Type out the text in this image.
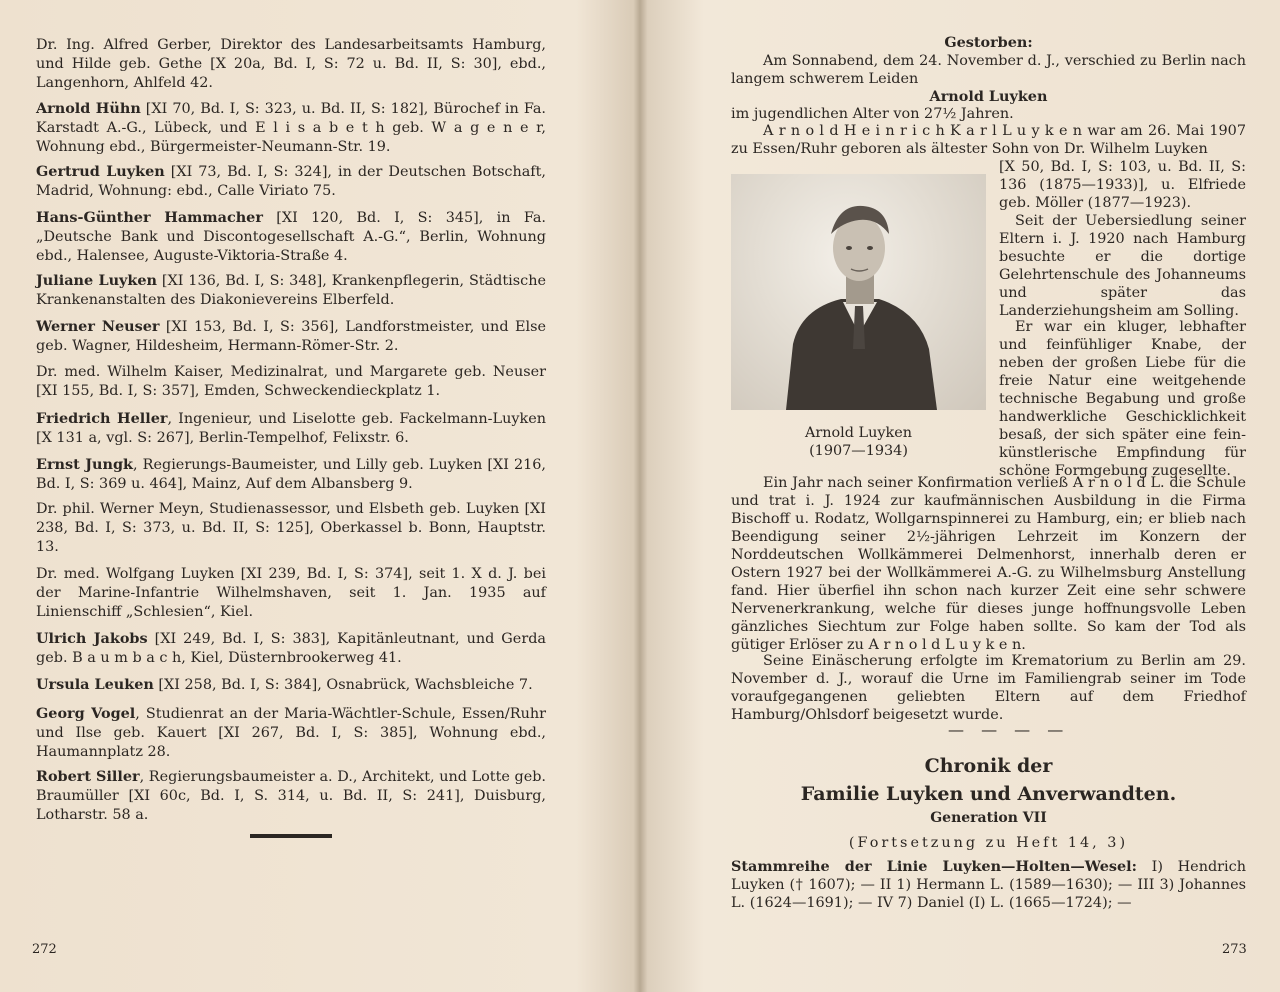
Dr. Ing. Alfred Gerber, Direktor des Landesarbeitsamts Hamburg, und Hilde geb. Gethe [X 20a, Bd. I, S: 72 u. Bd. II, S: 30], ebd., Langenhorn, Ahlfeld 42.
Arnold Hühn [XI 70, Bd. I, S: 323, u. Bd. II, S: 182], Bürochef in Fa. Karstadt A.-G., Lübeck, und E l i s a b e t h geb. W a g e n e r, Wohnung ebd., Bürgermeister-Neumann-Str. 19.
Gertrud Luyken [XI 73, Bd. I, S: 324], in der Deutschen Botschaft, Madrid, Wohnung: ebd., Calle Viriato 75.
Hans-Günther Hammacher [XI 120, Bd. I, S: 345], in Fa. „Deutsche Bank und Discontogesellschaft A.-G.“, Berlin, Wohnung ebd., Halensee, Auguste-Viktoria-Straße 4.
Juliane Luyken [XI 136, Bd. I, S: 348], Krankenpflegerin, Städtische Krankenanstalten des Diakonievereins Elberfeld.
Werner Neuser [XI 153, Bd. I, S: 356], Landforstmeister, und Else geb. Wagner, Hildesheim, Hermann-Römer-Str. 2.
Dr. med. Wilhelm Kaiser, Medizinalrat, und Margarete geb. Neuser [XI 155, Bd. I, S: 357], Emden, Schweckendieckplatz 1.
Friedrich Heller, Ingenieur, und Liselotte geb. Fackelmann-Luyken [X 131 a, vgl. S: 267], Berlin-Tempelhof, Felixstr. 6.
Ernst Jungk, Regierungs-Baumeister, und Lilly geb. Luyken [XI 216, Bd. I, S: 369 u. 464], Mainz, Auf dem Albansberg 9.
Dr. phil. Werner Meyn, Studienassessor, und Elsbeth geb. Luyken [XI 238, Bd. I, S: 373, u. Bd. II, S: 125], Oberkassel b. Bonn, Hauptstr. 13.
Dr. med. Wolfgang Luyken [XI 239, Bd. I, S: 374], seit 1. X d. J. bei der Marine-Infantrie Wilhelmshaven, seit 1. Jan. 1935 auf Linienschiff „Schlesien“, Kiel.
Ulrich Jakobs [XI 249, Bd. I, S: 383], Kapitänleutnant, und Gerda geb. B a u m b a c h, Kiel, Düsternbrookerweg 41.
Ursula Leuken [XI 258, Bd. I, S: 384], Osnabrück, Wachsbleiche 7.
Georg Vogel, Studienrat an der Maria-Wächtler-Schule, Essen/Ruhr und Ilse geb. Kauert [XI 267, Bd. I, S: 385], Wohnung ebd., Haumannplatz 28.
Robert Siller, Regierungsbaumeister a. D., Architekt, und Lotte geb. Braumüller [XI 60c, Bd. I, S. 314, u. Bd. II, S: 241], Duisburg, Lotharstr. 58 a.
272
Gestorben:
Am Sonnabend, dem 24. November d. J., verschied zu Berlin nach langem schwerem Leiden
Arnold Luyken
im jugendlichen Alter von 27½ Jahren.
A r n o l d H e i n r i c h K a r l L u y k e n war am 26. Mai 1907 zu Essen/Ruhr geboren als ältester Sohn von Dr. Wilhelm Luyken
Arnold Luyken
(1907—1934)
[X 50, Bd. I, S: 103, u. Bd. II, S: 136 (1875—1933)], u. Elfriede geb. Möller (1877—1923).
Seit der Uebersiedlung seiner Eltern i. J. 1920 nach Hamburg besuchte er die dortige Gelehrtenschule des Johanneums und später das Landerziehungsheim am Solling.
Er war ein kluger, lebhafter und feinfühliger Knabe, der neben der großen Liebe für die freie Natur eine weitgehende technische Begabung und große handwerkliche Geschicklichkeit besaß, der sich später eine fein-künstlerische Empfindung für schöne Formgebung zugesellte.
Ein Jahr nach seiner Konfirmation verließ A r n o l d L. die Schule und trat i. J. 1924 zur kaufmännischen Ausbildung in die Firma Bischoff u. Rodatz, Wollgarnspinnerei zu Hamburg, ein; er blieb nach Beendigung seiner 2½-jährigen Lehrzeit im Konzern der Norddeutschen Wollkämmerei Delmenhorst, innerhalb deren er Ostern 1927 bei der Wollkämmerei A.-G. zu Wilhelmsburg Anstellung fand. Hier überfiel ihn schon nach kurzer Zeit eine sehr schwere Nervenerkrankung, welche für dieses junge hoffnungsvolle Leben gänzliches Siechtum zur Folge haben sollte. So kam der Tod als gütiger Erlöser zu A r n o l d L u y k e n.
Seine Einäscherung erfolgte im Krematorium zu Berlin am 29. November d. J., worauf die Urne im Familiengrab seiner im Tode voraufgegangenen geliebten Eltern auf dem Friedhof Hamburg/Ohlsdorf beigesetzt wurde.
— — — —
Chronik der
Familie Luyken und Anverwandten.
Generation VII
(Fortsetzung zu Heft 14, 3)
Stammreihe der Linie Luyken—Holten—Wesel: I) Hendrich Luyken († 1607); — II 1) Hermann L. (1589—1630); — III 3) Johannes L. (1624—1691); — IV 7) Daniel (I) L. (1665—1724); —
273
